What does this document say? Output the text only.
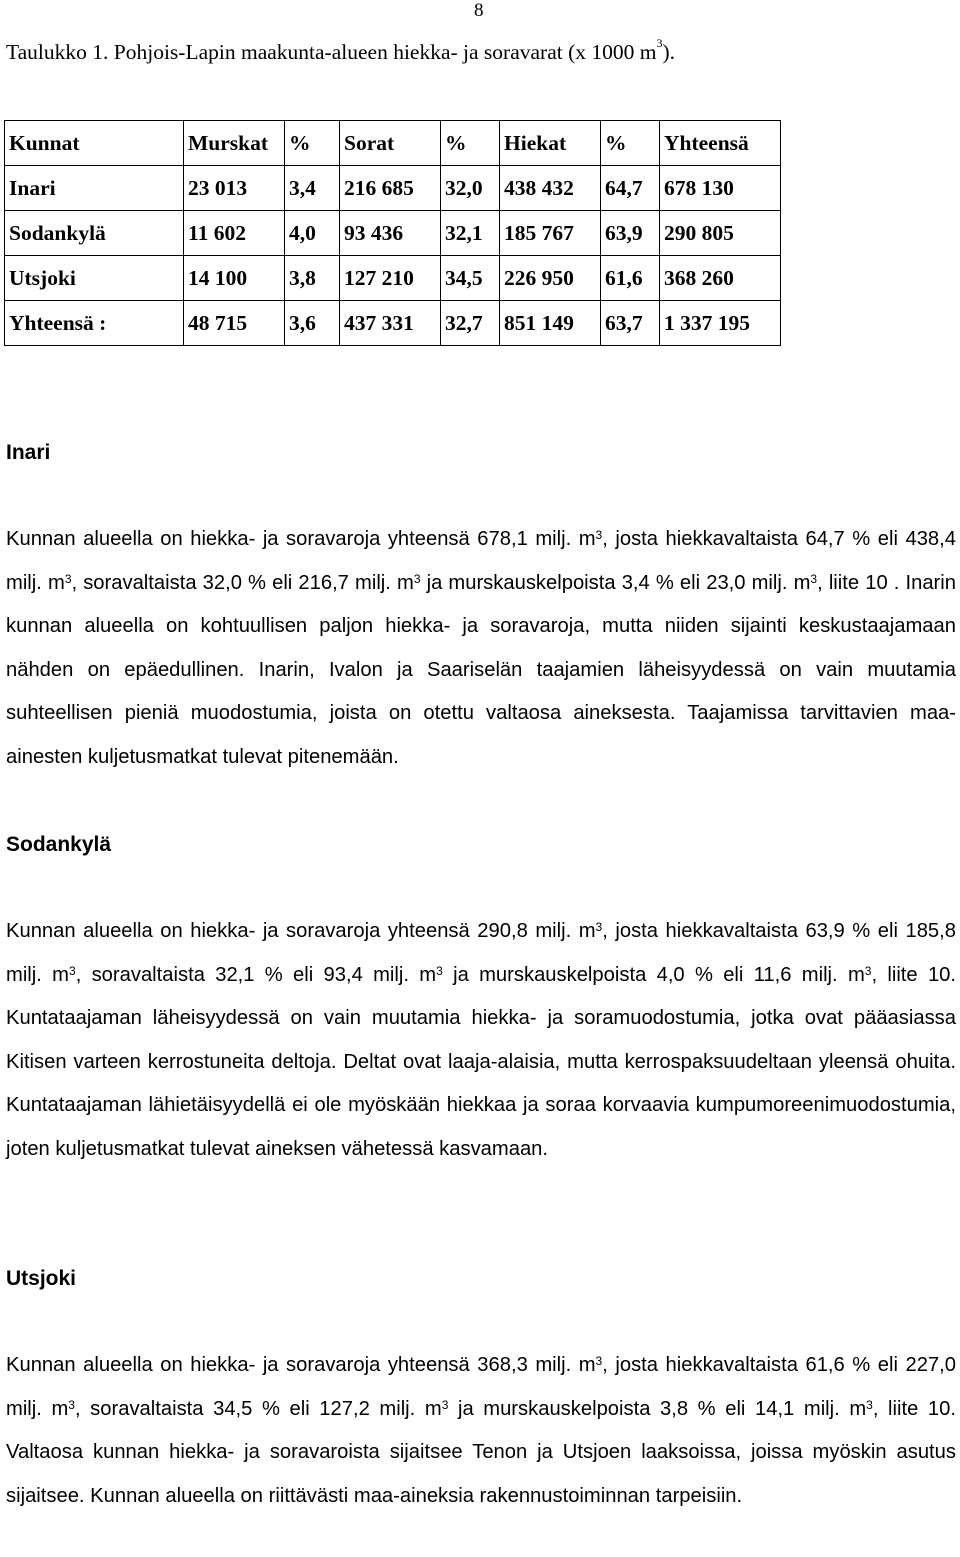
8
Taulukko 1. Pohjois-Lapin maakunta-alueen hiekka- ja soravarat (x 1000 $m^3$).
Kunnat	Murskat	%	Sorat	%	Hiekat	%	Yhteensä
Inari	23 013	3,4	216 685	32,0	438 432	64,7	678 130
Sodankylä	11 602	4,0	93 436	32,1	185 767	63,9	290 805
Utsjoki	14 100	3,8	127 210	34,5	226 950	61,6	368 260
Yhteensä :	48 715	3,6	437 331	32,7	851 149	63,7	1 337 195
Inari
Kunnan alueella on hiekka- ja soravaroja yhteensä 678,1 milj. $m^3$, josta hiekkavaltaista 64,7 % eli 438,4 milj. $m^3$, soravaltaista 32,0 % eli 216,7 milj. $m^3$ ja murskauskelpoista 3,4 % eli 23,0 milj. $m^3$, liite 10 . Inarin kunnan alueella on kohtuullisen paljon hiekka- ja soravaroja, mutta niiden sijainti keskustaajamaan nähden on epäedullinen. Inarin, Ivalon ja Saariselän taajamien läheisyydessä on vain muutamia suhteellisen pieniä muodostumia, joista on otettu valtaosa aineksesta. Taajamissa tarvittavien maa-ainesten kuljetusmatkat tulevat pitenemään.
Sodankylä
Kunnan alueella on hiekka- ja soravaroja yhteensä 290,8 milj. $m^3$, josta hiekkavaltaista 63,9 % eli 185,8 milj. $m^3$, soravaltaista 32,1 % eli 93,4 milj. $m^3$ ja murskauskelpoista 4,0 % eli 11,6 milj. $m^3$, liite 10. Kuntataajaman läheisyydessä on vain muutamia hiekka- ja soramuodostumia, jotka ovat pääasiassa Kitisen varteen kerrostuneita deltoja. Deltat ovat laaja-alaisia, mutta kerrospaksuudeltaan yleensä ohuita. Kuntataajaman lähietäisyydellä ei ole myöskään hiekkaa ja soraa korvaavia kumpumoreenimuodostumia, joten kuljetusmatkat tulevat aineksen vähetessä kasvamaan.
Utsjoki
Kunnan alueella on hiekka- ja soravaroja yhteensä 368,3 milj. $m^3$, josta hiekkavaltaista 61,6 % eli 227,0 milj. $m^3$, soravaltaista 34,5 % eli 127,2 milj. $m^3$ ja murskauskelpoista 3,8 % eli 14,1 milj. $m^3$, liite 10. Valtaosa kunnan hiekka- ja soravaroista sijaitsee Tenon ja Utsjoen laaksoissa, joissa myöskin asutus sijaitsee. Kunnan alueella on riittävästi maa-aineksia rakennustoiminnan tarpeisiin.
